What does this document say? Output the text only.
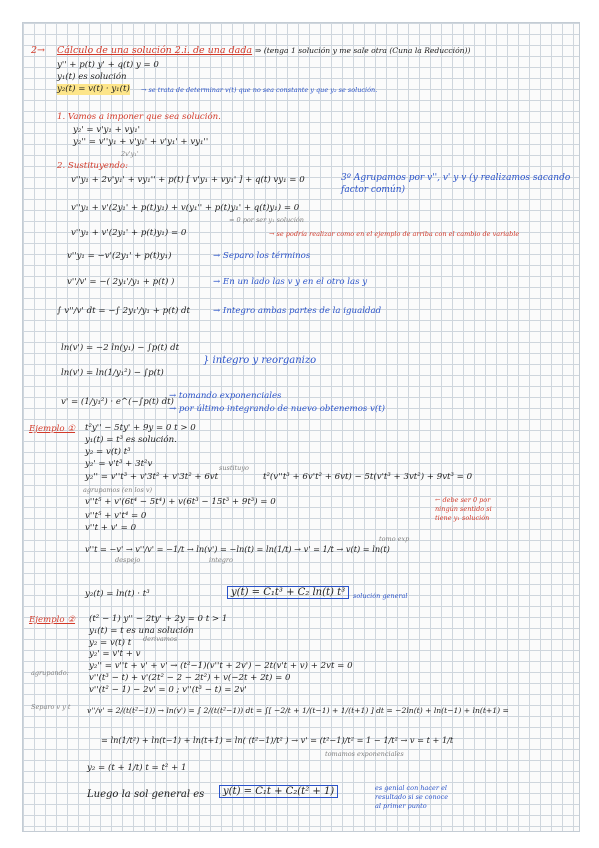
2→ Cálculo de una solución 2.i. de una dada ⇒ (tenga 1 solución y me sale otra (Cuna la Reducción))
y'' + p(t) y' + q(t) y = 0
y₁(t) es solución
y₂(t) = v(t) · y₁(t) → se trata de determinar v(t) que no sea constante y que y₂ se solución.
1. Vamos a imponer que sea solución.
y₂' = v'y₁ + vy₁'
y₂'' = v''y₁ + v'y₁' + v'y₁' + vy₁''
2v'y₁'
2. Sustituyendo:
v''y₁ + 2v'y₁' + vy₁'' + p(t) [ v'y₁ + vy₁' ] + q(t) vy₁ = 0	3º Agrupamos por v'', v' y v (y realizamos sacando
factor común)
v''y₁ + v'(2y₁' + p(t)y₁) + v(y₁'' + p(t)y₁' + q(t)y₁) = 0
= 0 por ser y₁ solución
v''y₁ + v'(2y₁' + p(t)y₁) = 0	→ se podría realizar como en el ejemplo de arriba con el cambio de variable
v''y₁ = −v'(2y₁' + p(t)y₁)	→ Separo los términos
v''/v' = −( 2y₁'/y₁ + p(t) )	→ En un lado las v y en el otro las y
∫ v''/v' dt = −∫ 2y₁'/y₁ + p(t) dt	→ Integro ambas partes de la igualdad
ln(v') = −2 ln(y₁) − ∫p(t) dt
ln(v') = ln(1/y₁²) − ∫p(t)
} integro y reorganizo
v' = (1/y₁²) · e^(−∫p(t) dt)
→ tomando exponenciales
→ por último integrando de nuevo obtenemos v(t)
Ejemplo ① t²y'' − 5ty' + 9y = 0 t > 0
y₁(t) = t³ es solución.
y₂ = v(t) t³
y₂' = v't³ + 3t²v
y₂'' = v''t³ + v'3t² + v'3t² + 6vt
sustituyo
t²(v''t³ + 6v't² + 6vt) − 5t(v't³ + 3vt²) + 9vt³ = 0
agrupamos (en los v)
v''t⁵ + v'(6t⁴ − 5t⁴) + v(6t³ − 15t³ + 9t³) = 0	← debe ser 0 por
ningún sentido si
tiene y₁ solución
v''t⁵ + v't⁴ = 0
v''t + v' = 0
despejo	integro
tomo exp
v''t = −v' → v''/v' = −1/t → ln(v') = −ln(t) = ln(1/t) → v' = 1/t → v(t) = ln(t)
y₂(t) = ln(t) · t³	y(t) = C₁t³ + C₂ ln(t) t³	solución general
Ejemplo ② (t² − 1) y'' − 2ty' + 2y = 0 t > 1
y₁(t) = t es una solución
y₂ = v(t) t derivamos
y₂' = v't + v
y₂'' = v''t + v' + v' → (t²−1)(v''t + 2v') − 2t(v't + v) + 2vt = 0
agrupando: v''(t³ − t) + v'(2t² − 2 − 2t²) + v(−2t + 2t) = 0
v''(t² − 1) − 2v' = 0 ; v''(t³ − t) = 2v'
Separo v y t v''/v' = 2/(t(t²−1)) → ln(v') = ∫ 2/(t(t²−1)) dt = ∫[ −2/t + 1/(t−1) + 1/(t+1) ] dt = −2ln(t) + ln(t−1) + ln(t+1) =
= ln(1/t²) + ln(t−1) + ln(t+1) = ln( (t²−1)/t² ) → v' = (t²−1)/t² = 1 − 1/t² → v = t + 1/t
tomamos exponenciales
y₂ = (t + 1/t) t = t² + 1
Luego la sol general es	y(t) = C₁t + C₂(t² + 1)	es genial con hacer el
resultado si se conoce
al primer punto
